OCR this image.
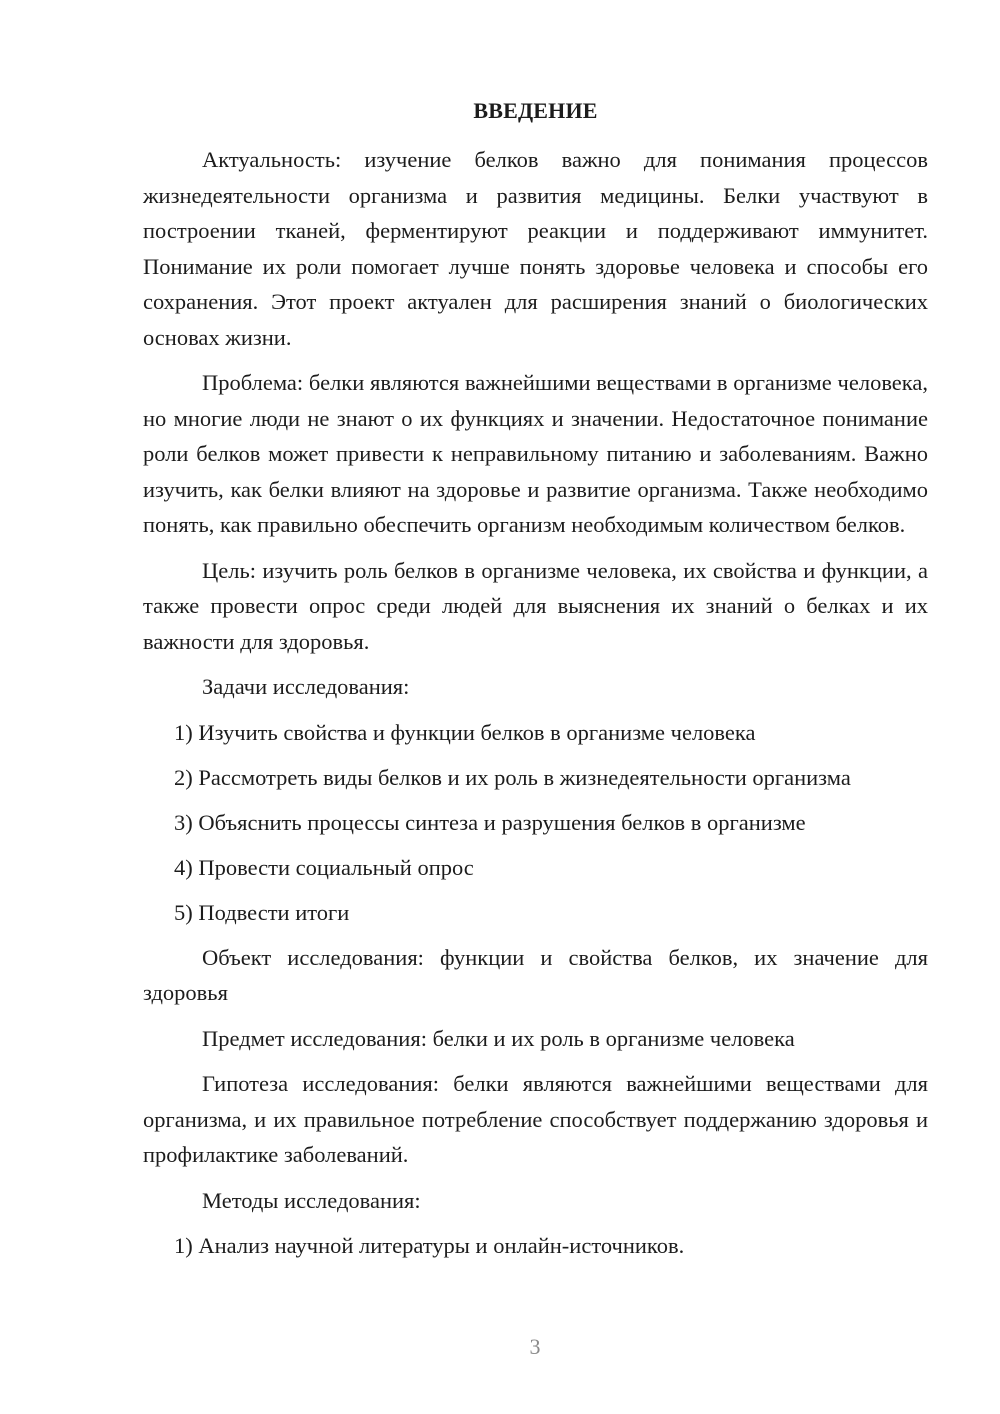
ВВЕДЕНИЕ

Актуальность: изучение белков важно для понимания процессов жизнедеятельности организма и развития медицины. Белки участвуют в построении тканей, ферментируют реакции и поддерживают иммунитет. Понимание их роли помогает лучше понять здоровье человека и способы его сохранения. Этот проект актуален для расширения знаний о биологических основах жизни.

Проблема: белки являются важнейшими веществами в организме человека, но многие люди не знают о их функциях и значении. Недостаточное понимание роли белков может привести к неправильному питанию и заболеваниям. Важно изучить, как белки влияют на здоровье и развитие организма. Также необходимо понять, как правильно обеспечить организм необходимым количеством белков.

Цель: изучить роль белков в организме человека, их свойства и функции, а также провести опрос среди людей для выяснения их знаний о белках и их важности для здоровья.

Задачи исследования:
1) Изучить свойства и функции белков в организме человека
2) Рассмотреть виды белков и их роль в жизнедеятельности организма
3) Объяснить процессы синтеза и разрушения белков в организме
4) Провести социальный опрос
5) Подвести итоги

Объект исследования: функции и свойства белков, их значение для здоровья

Предмет исследования: белки и их роль в организме человека

Гипотеза исследования: белки являются важнейшими веществами для организма, и их правильное потребление способствует поддержанию здоровья и профилактике заболеваний.

Методы исследования:
1) Анализ научной литературы и онлайн-источников.
3
